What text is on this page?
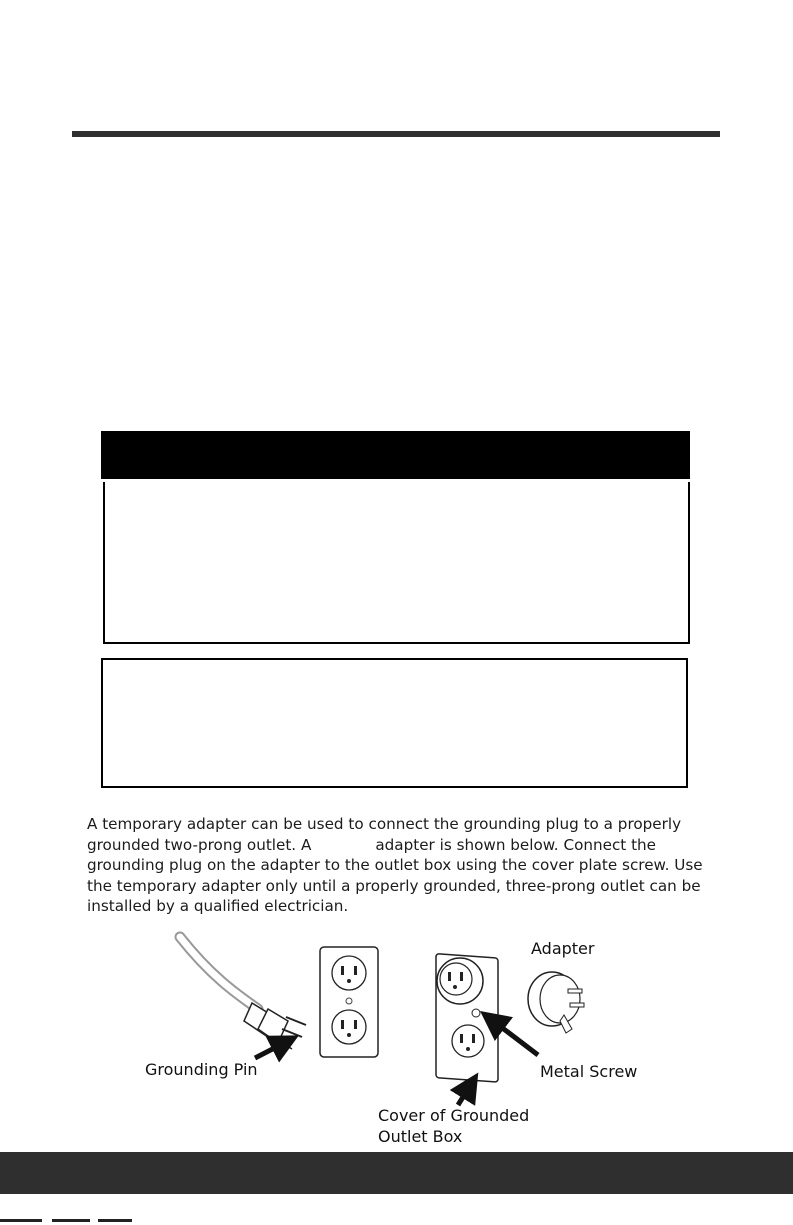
A temporary adapter can be used to connect the grounding plug to a properly grounded two-prong outlet. A	adapter is shown below. Connect the grounding plug on the adapter to the outlet box using the cover plate screw. Use the temporary adapter only until a properly grounded, three-prong outlet can be installed by a qualified electrician.

Adapter
Grounding Pin	Metal Screw
Cover of Grounded
Outlet Box
